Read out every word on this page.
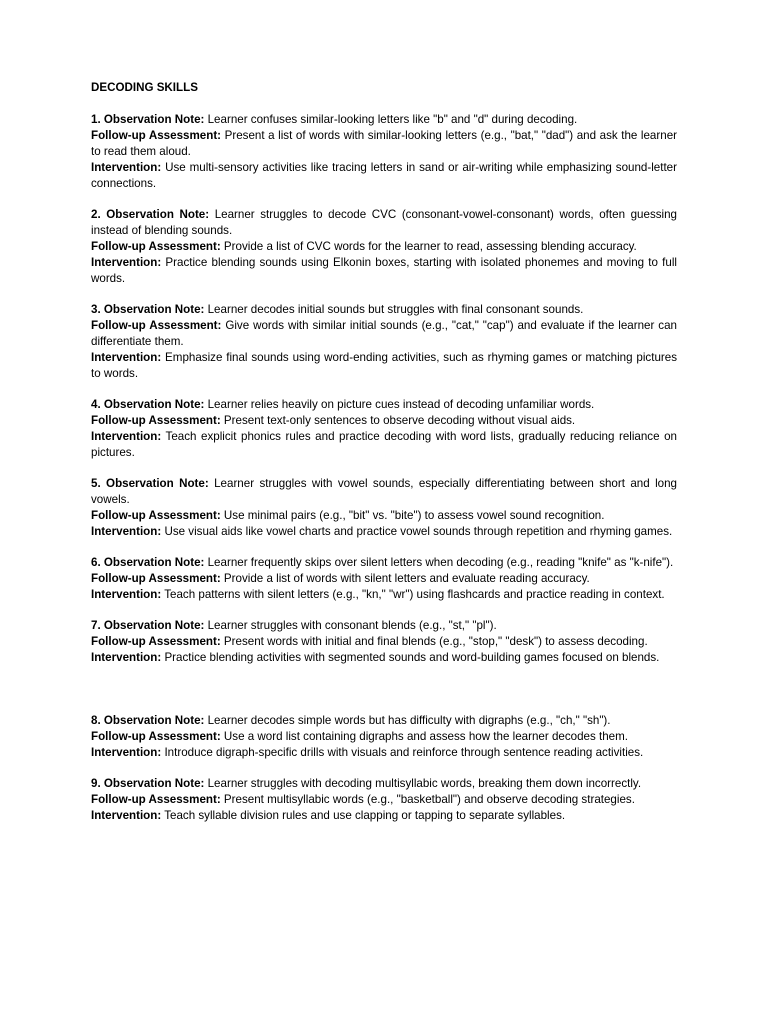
DECODING SKILLS

1. Observation Note: Learner confuses similar-looking letters like "b" and "d" during decoding.

Follow-up Assessment: Present a list of words with similar-looking letters (e.g., "bat," "dad") and ask the learner to read them aloud.

Intervention: Use multi-sensory activities like tracing letters in sand or air-writing while emphasizing sound-letter connections.

2. Observation Note: Learner struggles to decode CVC (consonant-vowel-consonant) words, often guessing instead of blending sounds.

Follow-up Assessment: Provide a list of CVC words for the learner to read, assessing blending accuracy.

Intervention: Practice blending sounds using Elkonin boxes, starting with isolated phonemes and moving to full words.

3. Observation Note: Learner decodes initial sounds but struggles with final consonant sounds.

Follow-up Assessment: Give words with similar initial sounds (e.g., "cat," "cap") and evaluate if the learner can differentiate them.

Intervention: Emphasize final sounds using word-ending activities, such as rhyming games or matching pictures to words.

4. Observation Note: Learner relies heavily on picture cues instead of decoding unfamiliar words.

Follow-up Assessment: Present text-only sentences to observe decoding without visual aids.

Intervention: Teach explicit phonics rules and practice decoding with word lists, gradually reducing reliance on pictures.

5. Observation Note: Learner struggles with vowel sounds, especially differentiating between short and long vowels.

Follow-up Assessment: Use minimal pairs (e.g., "bit" vs. "bite") to assess vowel sound recognition.

Intervention: Use visual aids like vowel charts and practice vowel sounds through repetition and rhyming games.

6. Observation Note: Learner frequently skips over silent letters when decoding (e.g., reading "knife" as "k-nife").

Follow-up Assessment: Provide a list of words with silent letters and evaluate reading accuracy.

Intervention: Teach patterns with silent letters (e.g., "kn," "wr") using flashcards and practice reading in context.

7. Observation Note: Learner struggles with consonant blends (e.g., "st," "pl").

Follow-up Assessment: Present words with initial and final blends (e.g., "stop," "desk") to assess decoding.

Intervention: Practice blending activities with segmented sounds and word-building games focused on blends.

8. Observation Note: Learner decodes simple words but has difficulty with digraphs (e.g., "ch," "sh").

Follow-up Assessment: Use a word list containing digraphs and assess how the learner decodes them.

Intervention: Introduce digraph-specific drills with visuals and reinforce through sentence reading activities.

9. Observation Note: Learner struggles with decoding multisyllabic words, breaking them down incorrectly.

Follow-up Assessment: Present multisyllabic words (e.g., "basketball") and observe decoding strategies.

Intervention: Teach syllable division rules and use clapping or tapping to separate syllables.
